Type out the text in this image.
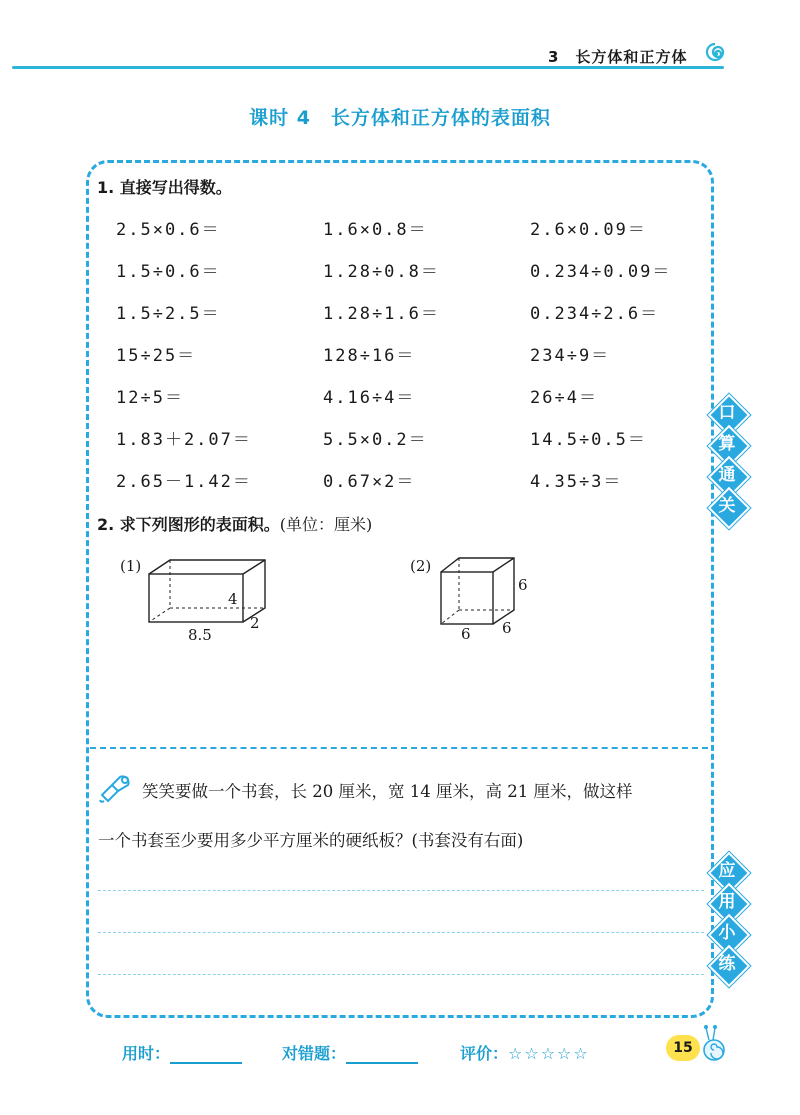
3　长方体和正方体
课时 4　长方体和正方体的表面积
1. 直接写出得数。
2.5×0.6＝	1.6×0.8＝	2.6×0.09＝
1.5÷0.6＝	1.28÷0.8＝	0.234÷0.09＝
1.5÷2.5＝	1.28÷1.6＝	0.234÷2.6＝
15÷25＝	128÷16＝	234÷9＝
12÷5＝	4.16÷4＝	26÷4＝
1.83＋2.07＝	5.5×0.2＝	14.5÷0.5＝
2.65－1.42＝	0.67×2＝	4.35÷3＝
2. 求下列图形的表面积。(单位：厘米)
(1)
4
2
8.5
(2)
6
6
6
笑笑要做一个书套，长 20 厘米，宽 14 厘米，高 21 厘米，做这样
一个书套至少要用多少平方厘米的硬纸板？(书套没有右面)
口
算
通
关
应
用
小
练
用时：	对错题：	评价：☆☆☆☆☆	15
